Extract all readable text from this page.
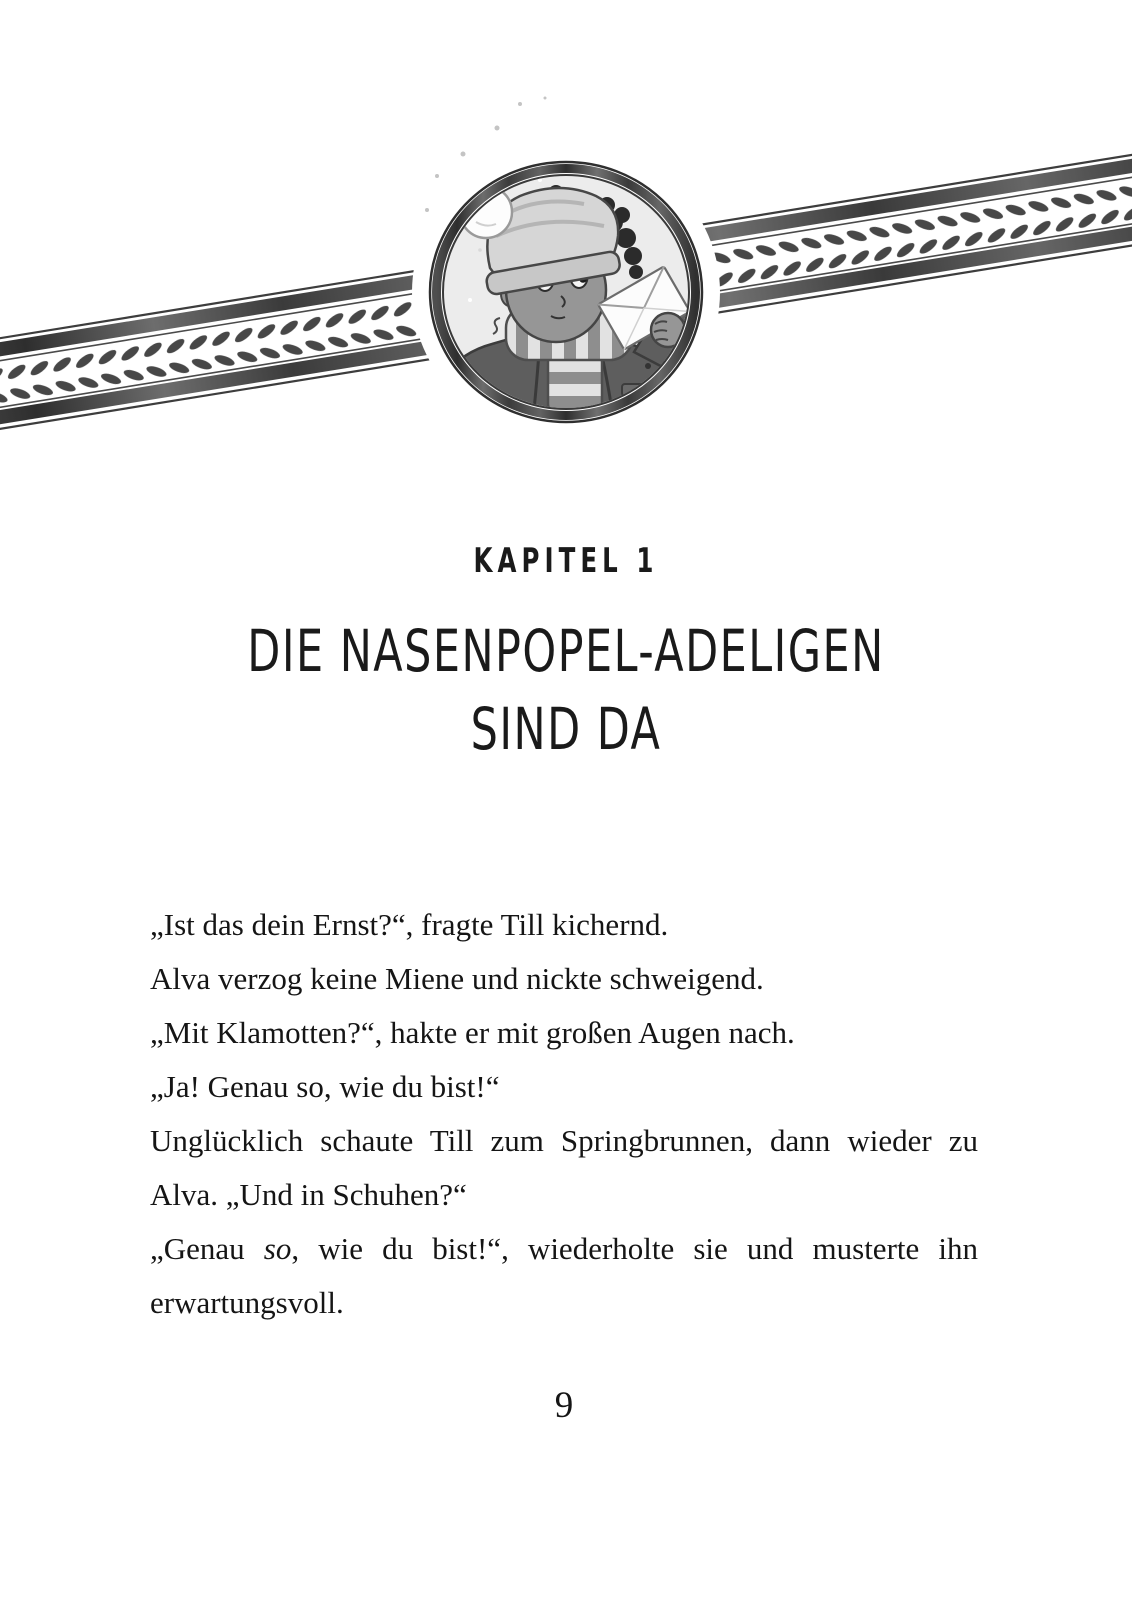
KAPITEL 1
DIE NASENPOPEL-ADELIGEN
SIND DA

„Ist das dein Ernst?“, fragte Till kichernd.

Alva verzog keine Miene und nickte schweigend.

„Mit Klamotten?“, hakte er mit großen Augen nach.

„Ja! Genau so, wie du bist!“

Unglücklich schaute Till zum Springbrunnen, dann wieder zu Alva. „Und in Schuhen?“

„Genau so, wie du bist!“, wiederholte sie und musterte ihn erwartungsvoll.

9
